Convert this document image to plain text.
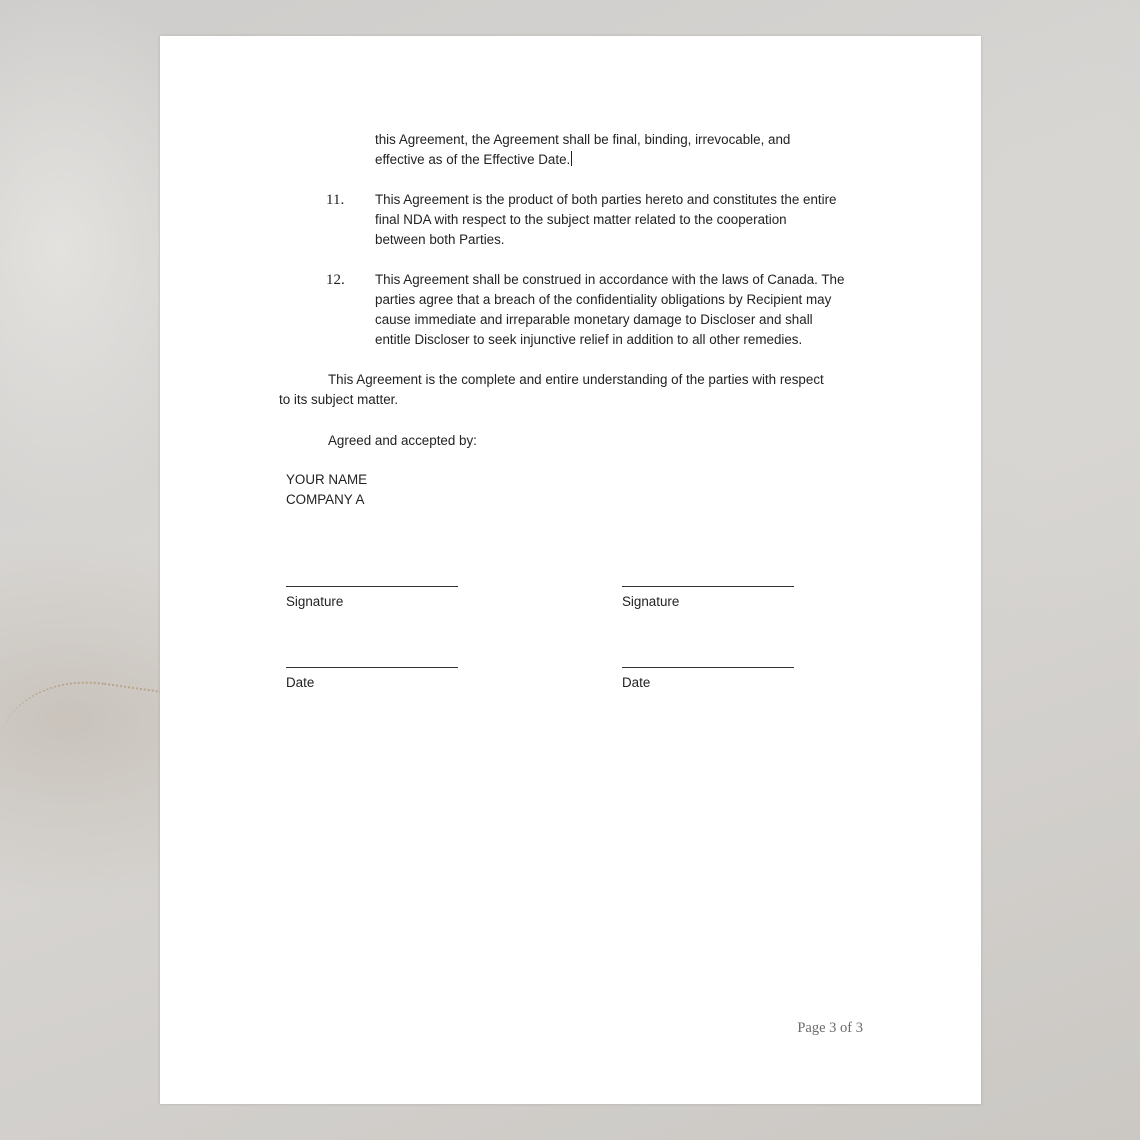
this Agreement, the Agreement shall be final, binding, irrevocable, and
effective as of the Effective Date.
11. This Agreement is the product of both parties hereto and constitutes the entire
final NDA with respect to the subject matter related to the cooperation
between both Parties.
12. This Agreement shall be construed in accordance with the laws of Canada. The
parties agree that a breach of the confidentiality obligations by Recipient may
cause immediate and irreparable monetary damage to Discloser and shall
entitle Discloser to seek injunctive relief in addition to all other remedies.
This Agreement is the complete and entire understanding of the parties with respect
to its subject matter.
Agreed and accepted by:
YOUR NAME
COMPANY A
Signature	Signature
Date	Date
Page 3 of 3
